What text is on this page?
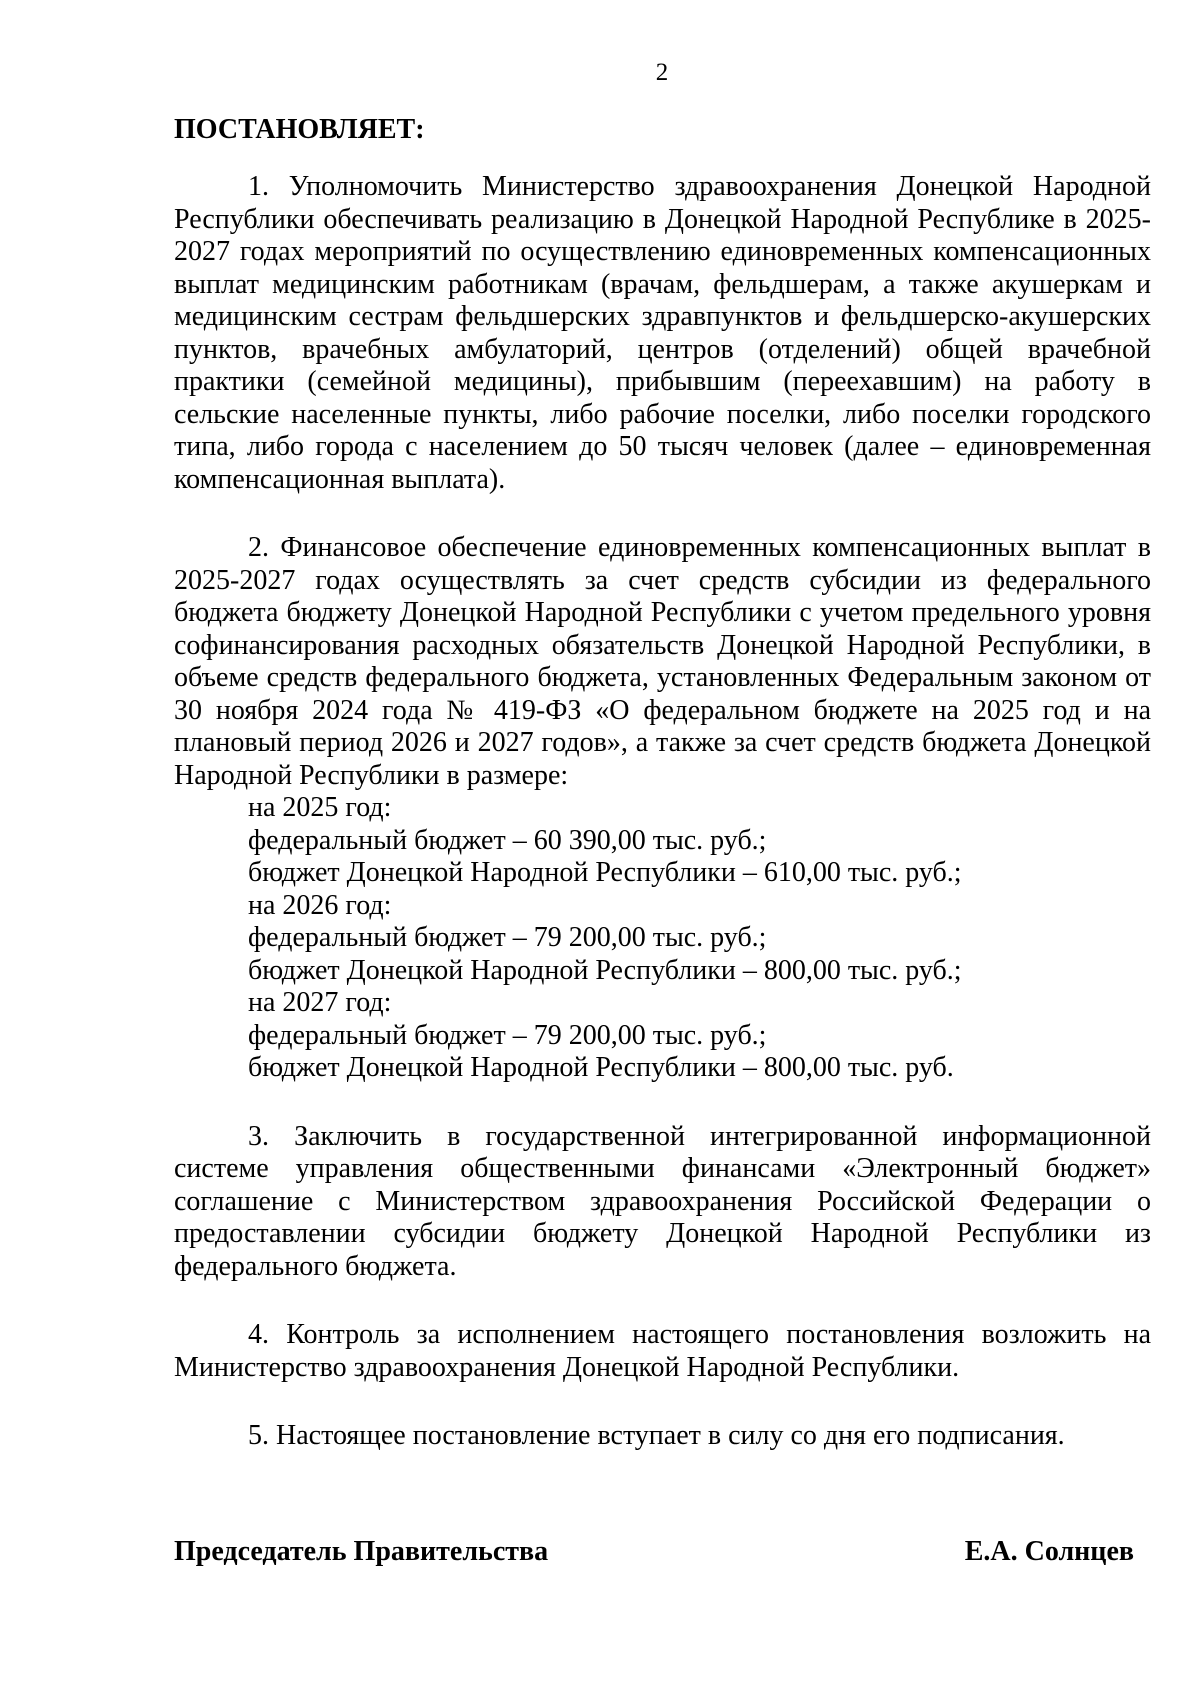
2

ПОСТАНОВЛЯЕТ:

1. Уполномочить Министерство здравоохранения Донецкой Народной Республики обеспечивать реализацию в Донецкой Народной Республике в 2025-2027 годах мероприятий по осуществлению единовременных компенсационных выплат медицинским работникам (врачам, фельдшерам, а также акушеркам и медицинским сестрам фельдшерских здравпунктов и фельдшерско-акушерских пунктов, врачебных амбулаторий, центров (отделений) общей врачебной практики (семейной медицины), прибывшим (переехавшим) на работу в сельские населенные пункты, либо рабочие поселки, либо поселки городского типа, либо города с населением до 50 тысяч человек (далее – единовременная компенсационная выплата).

2. Финансовое обеспечение единовременных компенсационных выплат в 2025-2027 годах осуществлять за счет средств субсидии из федерального бюджета бюджету Донецкой Народной Республики с учетом предельного уровня софинансирования расходных обязательств Донецкой Народной Республики, в объеме средств федерального бюджета, установленных Федеральным законом от 30 ноября 2024 года № 419-ФЗ «О федеральном бюджете на 2025 год и на плановый период 2026 и 2027 годов», а также за счет средств бюджета Донецкой Народной Республики в размере:

на 2025 год:
федеральный бюджет – 60 390,00 тыс. руб.;
бюджет Донецкой Народной Республики – 610,00 тыс. руб.;
на 2026 год:
федеральный бюджет – 79 200,00 тыс. руб.;
бюджет Донецкой Народной Республики – 800,00 тыс. руб.;
на 2027 год:
федеральный бюджет – 79 200,00 тыс. руб.;
бюджет Донецкой Народной Республики – 800,00 тыс. руб.

3. Заключить в государственной интегрированной информационной системе управления общественными финансами «Электронный бюджет» соглашение с Министерством здравоохранения Российской Федерации о предоставлении субсидии бюджету Донецкой Народной Республики из федерального бюджета.

4. Контроль за исполнением настоящего постановления возложить на Министерство здравоохранения Донецкой Народной Республики.

5. Настоящее постановление вступает в силу со дня его подписания.

Председатель Правительства	Е.А. Солнцев
